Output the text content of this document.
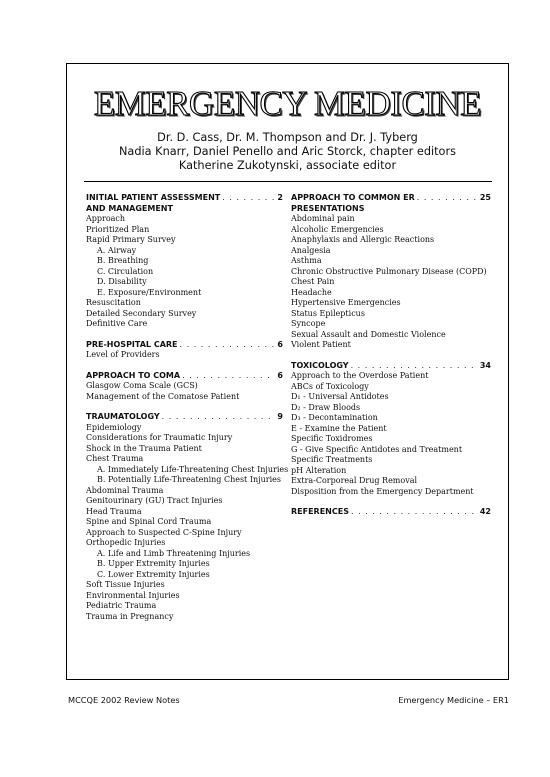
EMERGENCY MEDICINE
Dr. D. Cass, Dr. M. Thompson and Dr. J. Tyberg
Nadia Knarr, Daniel Penello and Aric Storck, chapter editors
Katherine Zukotynski, associate editor
INITIAL PATIENT ASSESSMENT . . .	2
AND MANAGEMENT
Approach
Prioritized Plan
Rapid Primary Survey
A. Airway
B. Breathing
C. Circulation
D. Disability
E. Exposure/Environment
Resuscitation
Detailed Secondary Survey
Definitive Care
PRE-HOSPITAL CARE . . .	6
Level of Providers
APPROACH TO COMA . . .	6
Glasgow Coma Scale (GCS)
Management of the Comatose Patient
TRAUMATOLOGY . . .	9
Epidemiology
Considerations for Traumatic Injury
Shock in the Trauma Patient
Chest Trauma
A. Immediately Life-Threatening Chest Injuries
B. Potentially Life-Threatening Chest Injuries
Abdominal Trauma
Genitourinary (GU) Tract Injuries
Head Trauma
Spine and Spinal Cord Trauma
Approach to Suspected C-Spine Injury
Orthopedic Injuries
A. Life and Limb Threatening Injuries
B. Upper Extremity Injuries
C. Lower Extremity Injuries
Soft Tissue Injuries
Environmental Injuries
Pediatric Trauma
Trauma in Pregnancy
APPROACH TO COMMON ER . . .	25
PRESENTATIONS
Abdominal pain
Alcoholic Emergencies
Anaphylaxis and Allergic Reactions
Analgesia
Asthma
Chronic Obstructive Pulmonary Disease (COPD)
Chest Pain
Headache
Hypertensive Emergencies
Status Epilepticus
Syncope
Sexual Assault and Domestic Violence
Violent Patient
TOXICOLOGY . . .	34
Approach to the Overdose Patient
ABCs of Toxicology
D₁ - Universal Antidotes
D₂ - Draw Bloods
D₃ - Decontamination
E - Examine the Patient
Specific Toxidromes
G - Give Specific Antidotes and Treatment
Specific Treatments
pH Alteration
Extra-Corporeal Drug Removal
Disposition from the Emergency Department
REFERENCES . . .	42
MCCQE 2002 Review Notes	Emergency Medicine – ER1
